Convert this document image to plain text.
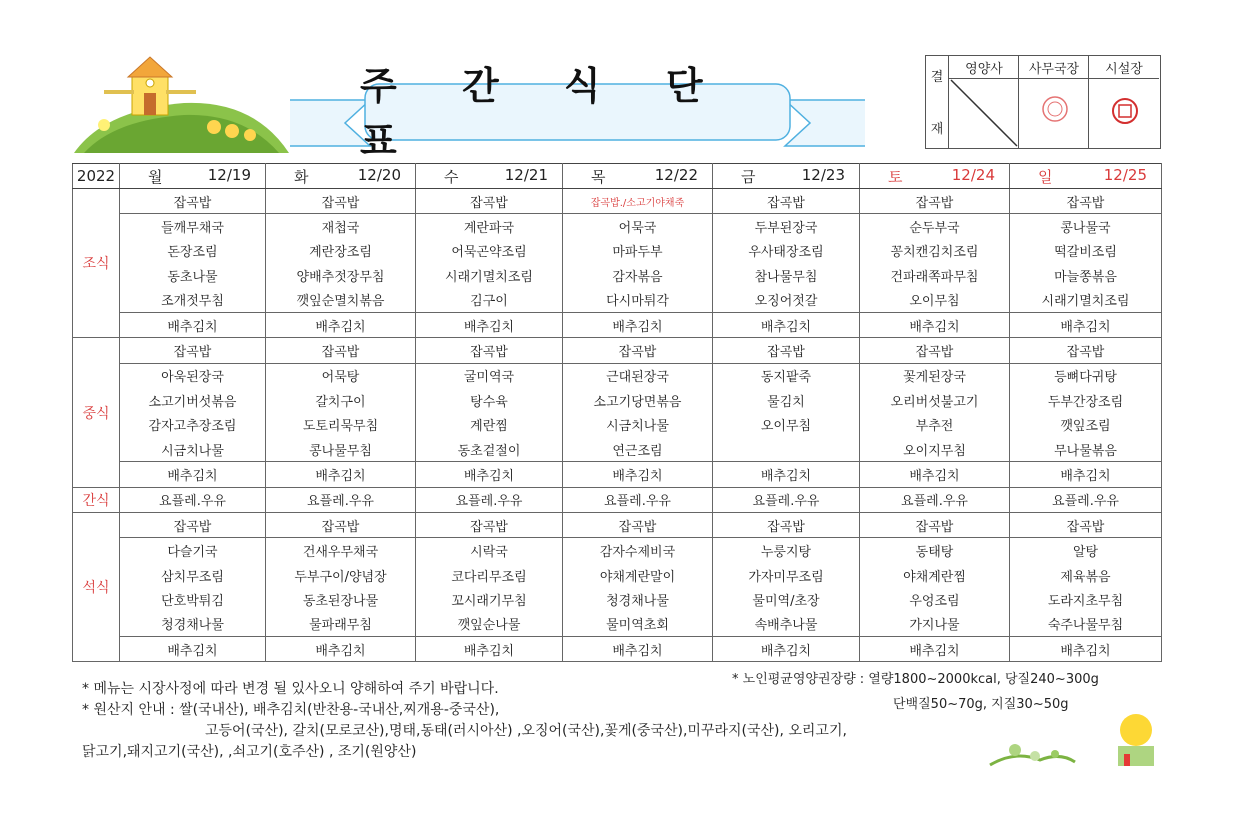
주 간 식 단 표
결
재
영양사	사무국장	시설장
2022	월 12/19	화 12/20	수 12/21	목 12/22	금 12/23	토 12/24	일 12/25

조식	잡곡밥	잡곡밥	잡곡밥	잡곡밥./소고기야채죽	잡곡밥	잡곡밥	잡곡밥
	들깨무채국	재첩국	계란파국	어묵국	두부된장국	순두부국	콩나물국
	돈장조림	계란장조림	어묵곤약조림	마파두부	우사태장조림	꽁치캔김치조림	떡갈비조림
	동초나물	양배추젓장무침	시래기멸치조림	감자볶음	참나물무침	건파래쪽파무침	마늘쫑볶음
	조개젓무침	깻잎순멸치볶음	김구이	다시마튀각	오징어젓갈	오이무침	시래기멸치조림
	배추김치	배추김치	배추김치	배추김치	배추김치	배추김치	배추김치
중식	잡곡밥	잡곡밥	잡곡밥	잡곡밥	잡곡밥	잡곡밥	잡곡밥
	아욱된장국	어묵탕	굴미역국	근대된장국	동지팥죽	꽃게된장국	등뼈다귀탕
	소고기버섯볶음	갈치구이	탕수육	소고기당면볶음	물김치	오리버섯불고기	두부간장조림
	감자고추장조림	도토리묵무침	계란찜	시금치나물	오이무침	부추전	깻잎조림
	시금치나물	콩나물무침	동초겉절이	연근조림		오이지무침	무나물볶음
	배추김치	배추김치	배추김치	배추김치	배추김치	배추김치	배추김치
간식	요플레.우유	요플레.우유	요플레.우유	요플레.우유	요플레.우유	요플레.우유	요플레.우유
석식	잡곡밥	잡곡밥	잡곡밥	잡곡밥	잡곡밥	잡곡밥	잡곡밥
	다슬기국	건새우무채국	시락국	감자수제비국	누룽지탕	동태탕	알탕
	삼치무조림	두부구이/양념장	코다리무조림	야채계란말이	가자미무조림	야채계란찜	제육볶음
	단호박튀김	동초된장나물	꼬시래기무침	청경채나물	물미역/초장	우엉조림	도라지초무침
	청경채나물	물파래무침	깻잎순나물	물미역초회	속배추나물	가지나물	숙주나물무침
	배추김치	배추김치	배추김치	배추김치	배추김치	배추김치	배추김치
* 메뉴는 시장사정에 따라 변경 될 있사오니 양해하여 주기 바랍니다.
* 원산지 안내 : 쌀(국내산), 배추김치(반찬용-국내산,찌개용-중국산),
고등어(국산), 갈치(모로코산),명태,동태(러시아산) ,오징어(국산),꽃게(중국산),미꾸라지(국산), 오리고기,
닭고기,돼지고기(국산), ,쇠고기(호주산) , 조기(원양산)
* 노인평균영양권장량 : 열량1800~2000kcal, 당질240~300g
단백질50~70g, 지질30~50g
